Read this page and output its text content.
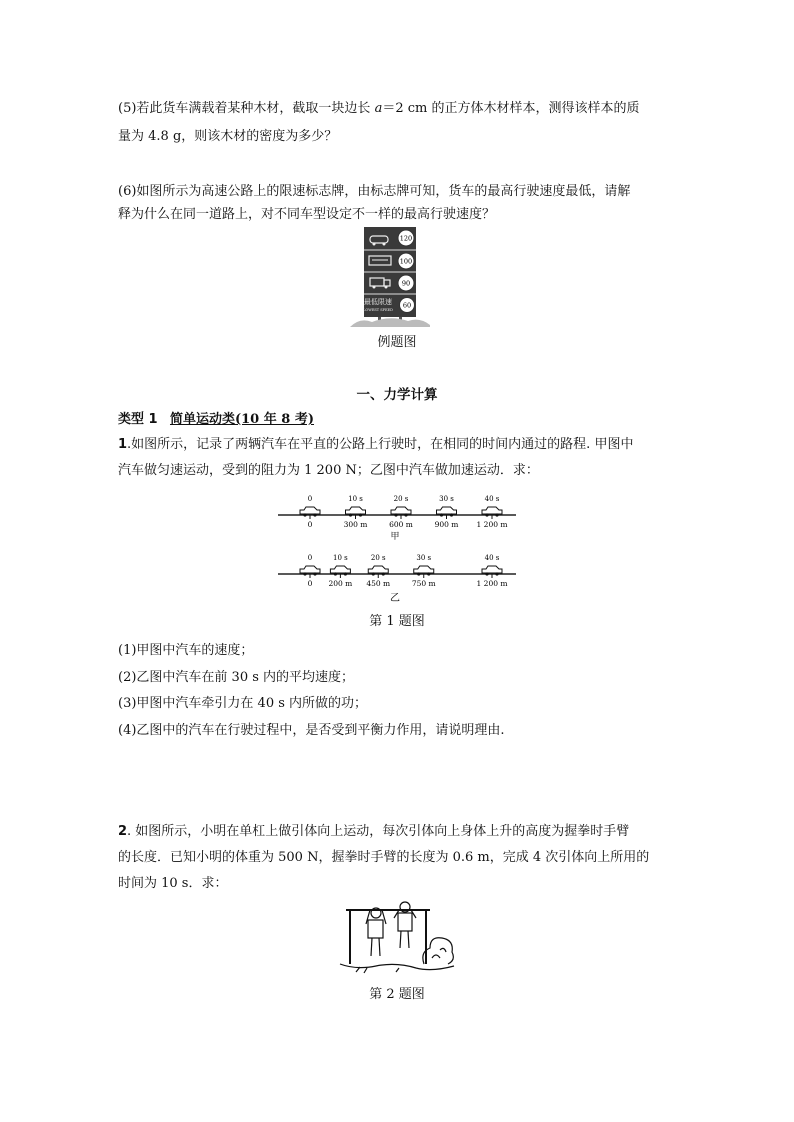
(5)若此货车满载着某种木材，截取一块边长 a＝2 cm 的正方体木材样本，测得该样本的质
量为 4.8 g，则该木材的密度为多少？
(6)如图所示为高速公路上的限速标志牌，由标志牌可知，货车的最高行驶速度最低，请解
释为什么在同一道路上，对不同车型设定不一样的最高行驶速度？
120
100
90
最低限速
LOWEST SPEED
60
例题图
一、力学计算
类型 1 简单运动类(10 年 8 考)
1.如图所示，记录了两辆汽车在平直的公路上行驶时，在相同的时间内通过的路程. 甲图中
汽车做匀速运动，受到的阻力为 1 200 N；乙图中汽车做加速运动．求：
0
0
10 s
300 m
20 s
600 m
30 s
900 m
40 s
1 200 m
甲
0
0
10 s
200 m
20 s
450 m
30 s
750 m
40 s
1 200 m
乙
第 1 题图
(1)甲图中汽车的速度；
(2)乙图中汽车在前 30 s 内的平均速度；
(3)甲图中汽车牵引力在 40 s 内所做的功；
(4)乙图中的汽车在行驶过程中，是否受到平衡力作用，请说明理由.
2. 如图所示，小明在单杠上做引体向上运动，每次引体向上身体上升的高度为握拳时手臂
的长度．已知小明的体重为 500 N，握拳时手臂的长度为 0.6 m，完成 4 次引体向上所用的
时间为 10 s．求：
第 2 题图
